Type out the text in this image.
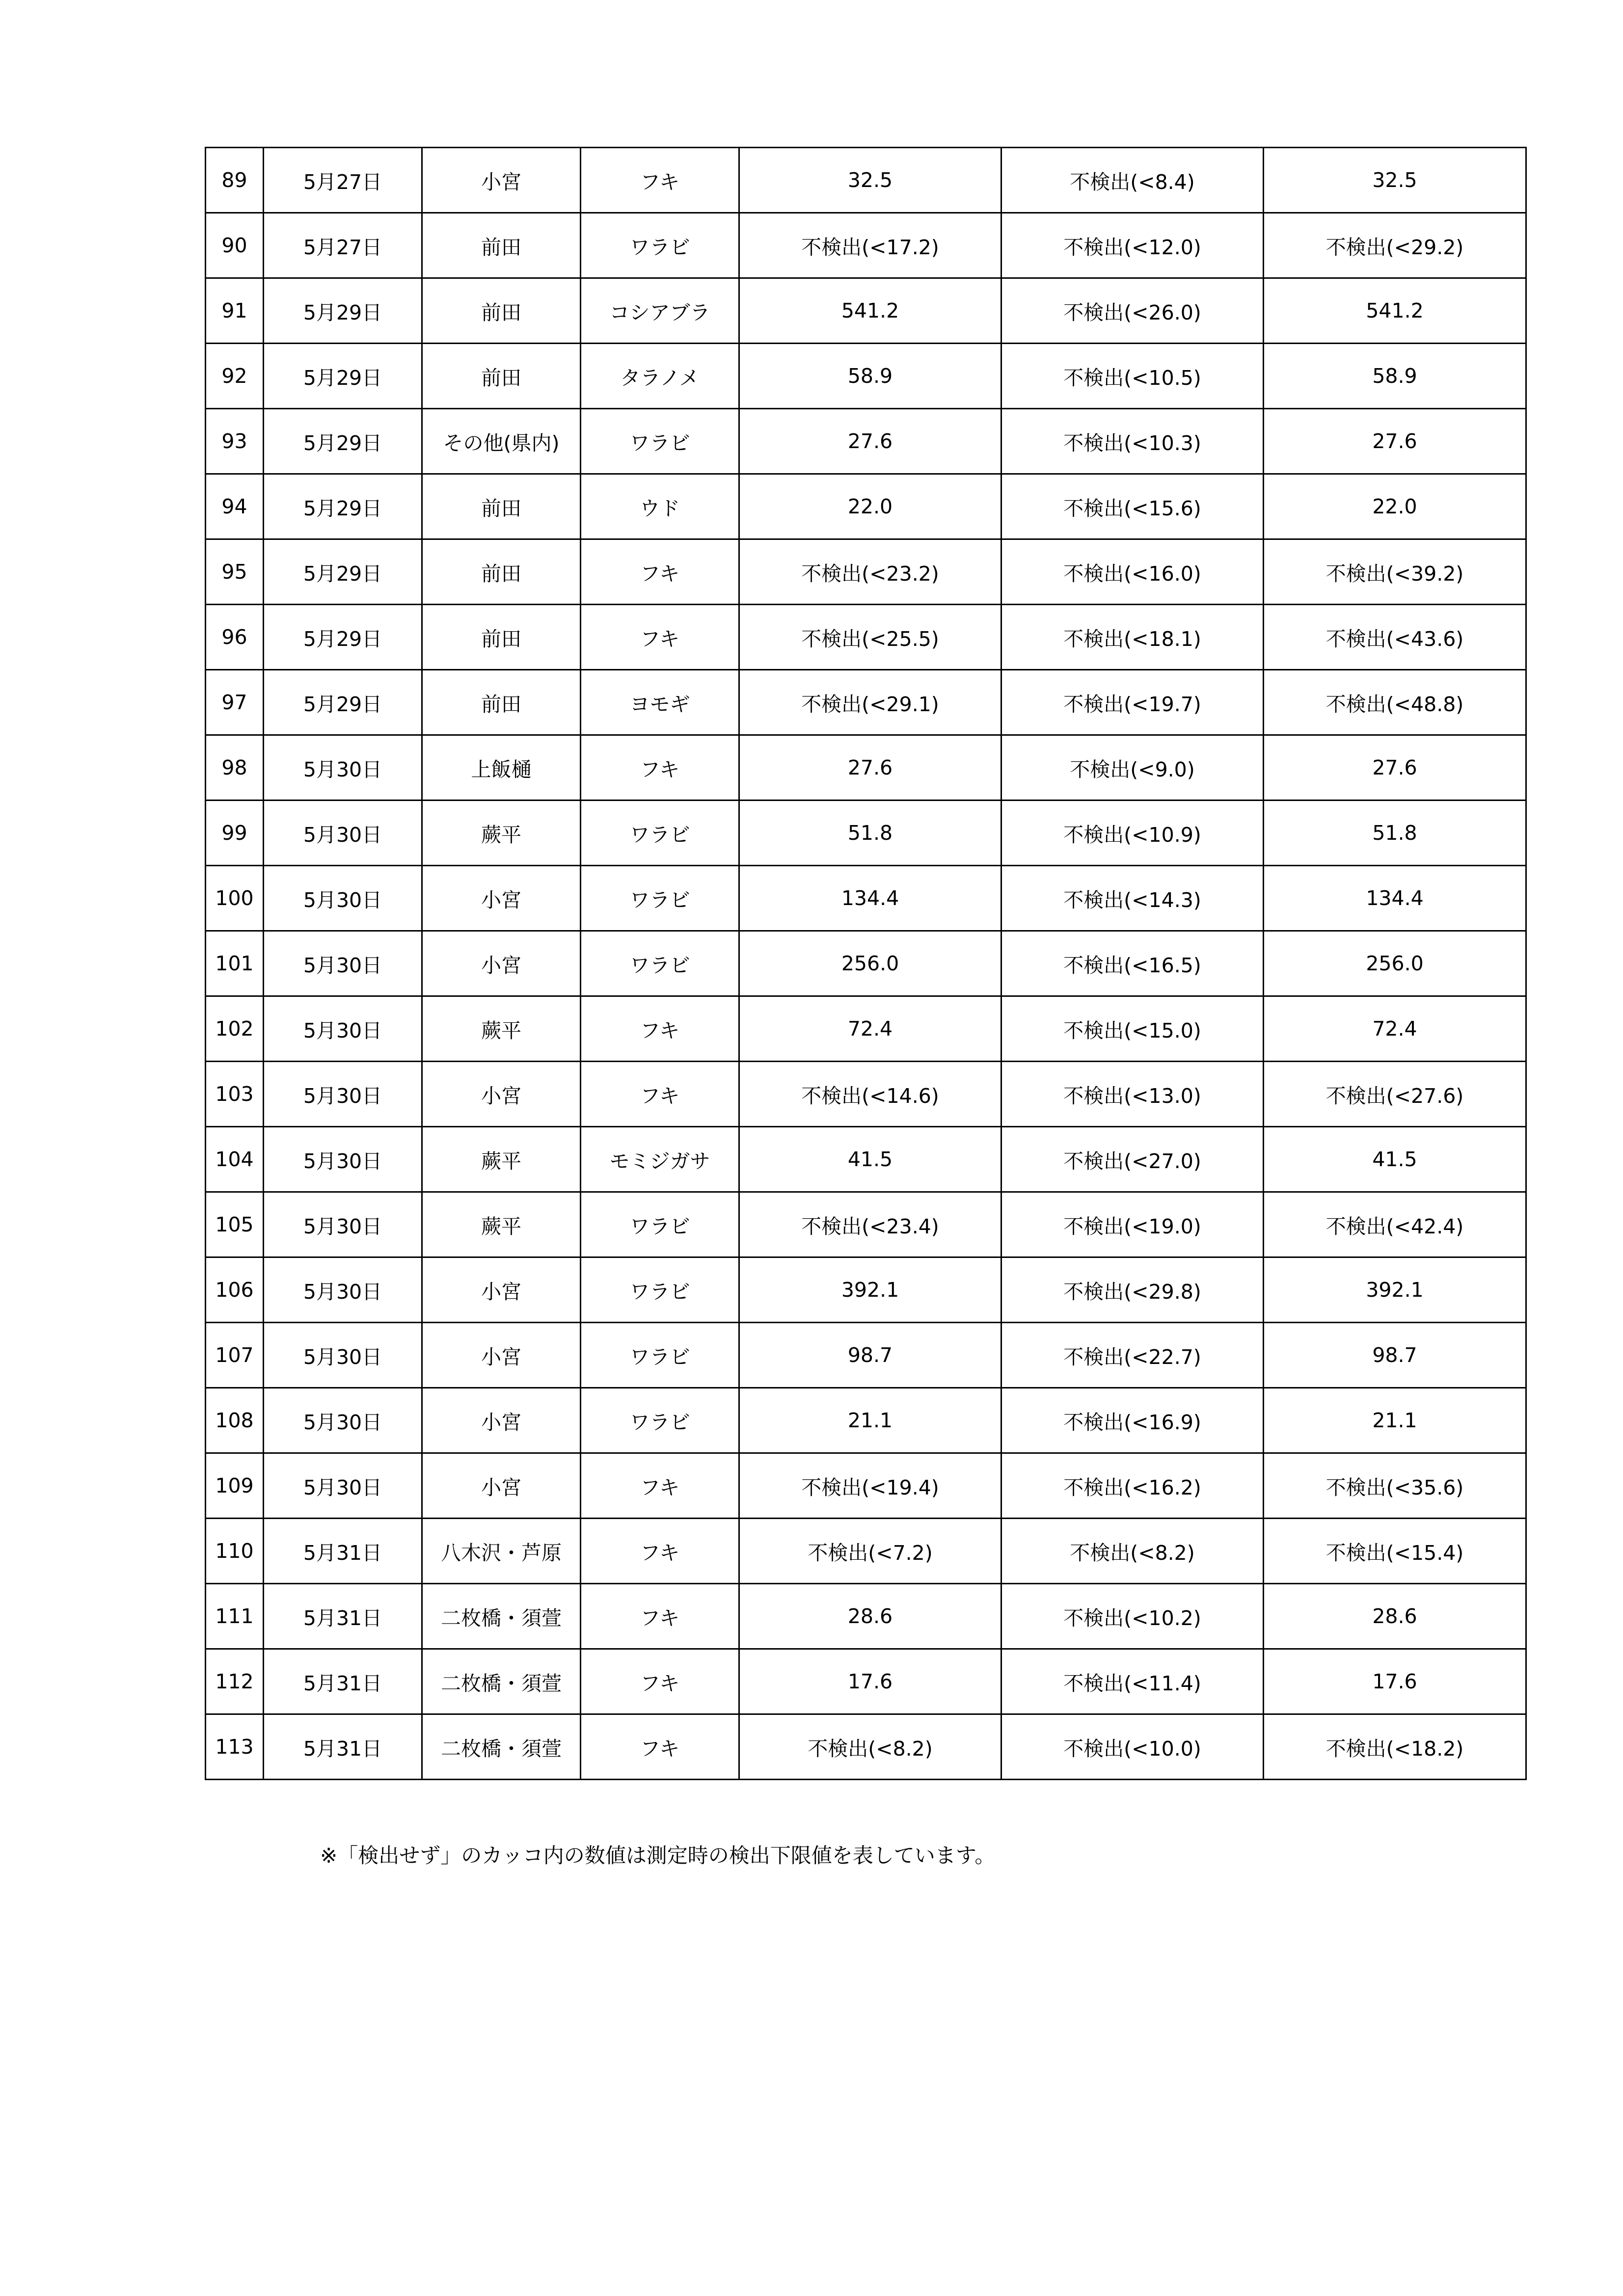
89	5月27日	小宮	フキ	32.5	不検出(<8.4)	32.5
90	5月27日	前田	ワラビ	不検出(<17.2)	不検出(<12.0)	不検出(<29.2)
91	5月29日	前田	コシアブラ	541.2	不検出(<26.0)	541.2
92	5月29日	前田	タラノメ	58.9	不検出(<10.5)	58.9
93	5月29日	その他(県内)	ワラビ	27.6	不検出(<10.3)	27.6
94	5月29日	前田	ウド	22.0	不検出(<15.6)	22.0
95	5月29日	前田	フキ	不検出(<23.2)	不検出(<16.0)	不検出(<39.2)
96	5月29日	前田	フキ	不検出(<25.5)	不検出(<18.1)	不検出(<43.6)
97	5月29日	前田	ヨモギ	不検出(<29.1)	不検出(<19.7)	不検出(<48.8)
98	5月30日	上飯樋	フキ	27.6	不検出(<9.0)	27.6
99	5月30日	蕨平	ワラビ	51.8	不検出(<10.9)	51.8
100	5月30日	小宮	ワラビ	134.4	不検出(<14.3)	134.4
101	5月30日	小宮	ワラビ	256.0	不検出(<16.5)	256.0
102	5月30日	蕨平	フキ	72.4	不検出(<15.0)	72.4
103	5月30日	小宮	フキ	不検出(<14.6)	不検出(<13.0)	不検出(<27.6)
104	5月30日	蕨平	モミジガサ	41.5	不検出(<27.0)	41.5
105	5月30日	蕨平	ワラビ	不検出(<23.4)	不検出(<19.0)	不検出(<42.4)
106	5月30日	小宮	ワラビ	392.1	不検出(<29.8)	392.1
107	5月30日	小宮	ワラビ	98.7	不検出(<22.7)	98.7
108	5月30日	小宮	ワラビ	21.1	不検出(<16.9)	21.1
109	5月30日	小宮	フキ	不検出(<19.4)	不検出(<16.2)	不検出(<35.6)
110	5月31日	八木沢・芦原	フキ	不検出(<7.2)	不検出(<8.2)	不検出(<15.4)
111	5月31日	二枚橋・須萱	フキ	28.6	不検出(<10.2)	28.6
112	5月31日	二枚橋・須萱	フキ	17.6	不検出(<11.4)	17.6
113	5月31日	二枚橋・須萱	フキ	不検出(<8.2)	不検出(<10.0)	不検出(<18.2)
※「検出せず」のカッコ内の数値は測定時の検出下限値を表しています。
